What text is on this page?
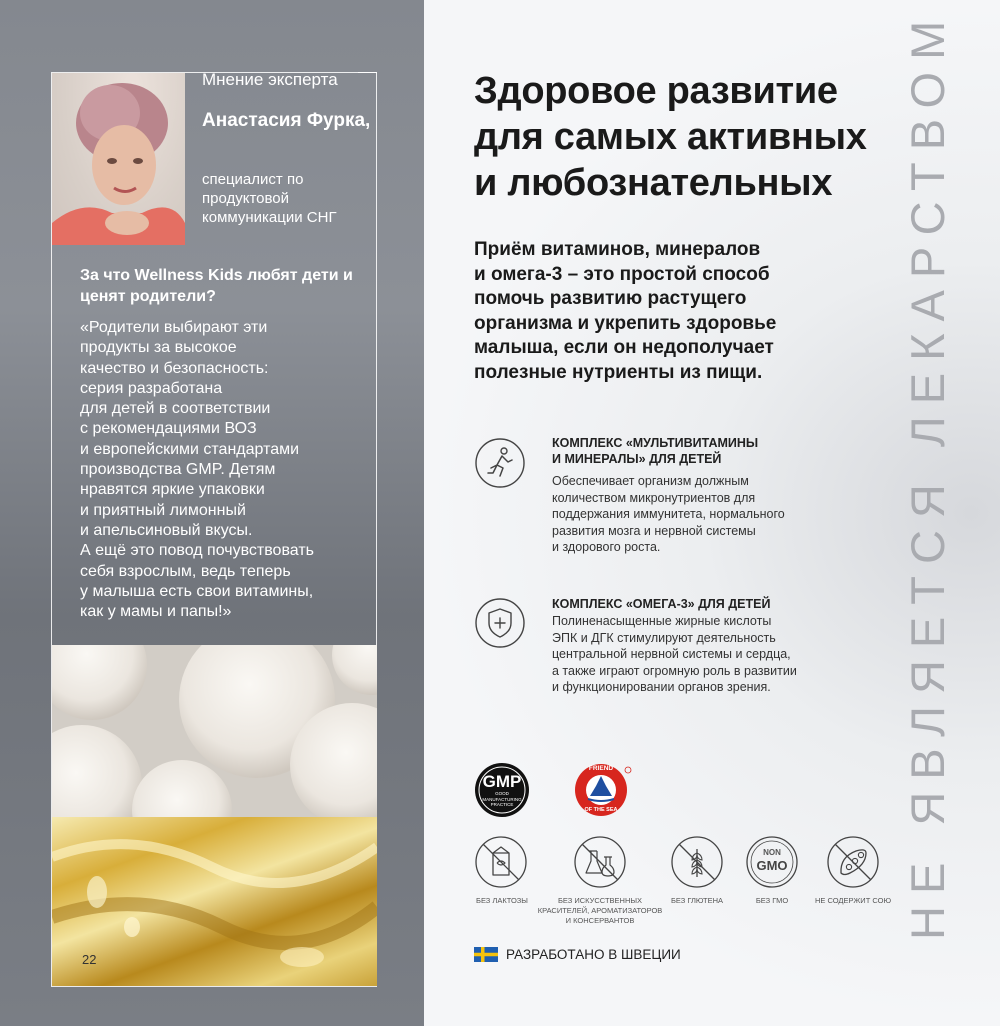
Мнение эксперта
Анастасия Фурка,
специалист по продуктовой коммуникации СНГ
За что Wellness Kids любят дети и ценят родители?
«Родители выбирают эти
продукты за высокое
качество и безопасность:
серия разработана
для детей в соответствии
с рекомендациями ВОЗ
и европейскими стандартами
производства GMP. Детям
нравятся яркие упаковки
и приятный лимонный
и апельсиновый вкусы.
А ещё это повод почувствовать
себя взрослым, ведь теперь
у малыша есть свои витамины,
как у мамы и папы!»
22
НЕ ЯВЛЯЕТСЯ ЛЕКАРСТВОМ
Здоровое развитие
для самых активных
и любознательных
Приём витаминов, минералов
и омега-3 – это простой способ
помочь развитию растущего
организма и укрепить здоровье
малыша, если он недополучает
полезные нутриенты из пищи.
КОМПЛЕКС «МУЛЬТИВИТАМИНЫ
И МИНЕРАЛЫ» ДЛЯ ДЕТЕЙ
Обеспечивает организм должным
количеством микронутриентов для
поддержания иммунитета, нормального
развития мозга и нервной системы
и здорового роста.
КОМПЛЕКС «ОМЕГА-3» ДЛЯ ДЕТЕЙ
Полиненасыщенные жирные кислоты
ЭПК и ДГК стимулируют деятельность
центральной нервной системы и сердца,
а также играют огромную роль в развитии
и функционировании органов зрения.
GMP
GOOD
MANUFACTURING
PRACTICE
FRIEND
OF THE SEA
БЕЗ ЛАКТОЗЫ	БЕЗ ИСКУССТВЕННЫХ
КРАСИТЕЛЕЙ, АРОМАТИЗАТОРОВ
И КОНСЕРВАНТОВ
БЕЗ ГЛЮТЕНА
NON
GMO
БЕЗ ГМО	НЕ СОДЕРЖИТ СОЮ
РАЗРАБОТАНО В ШВЕЦИИ
